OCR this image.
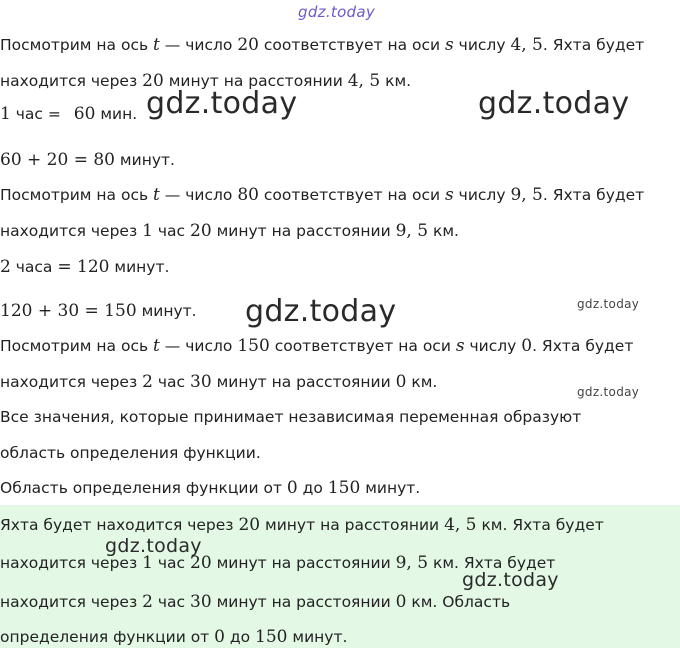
gdz.today
Посмотрим на ось t — число 20 соответствует на оси s числу 4, 5. Яхта будет
находится через 20 минут на расстоянии 4, 5 км.
1 час = 60 мин. gdz.today	gdz.today
60 + 20 = 80 минут.
Посмотрим на ось t — число 80 соответствует на оси s числу 9, 5. Яхта будет
находится через 1 час 20 минут на расстоянии 9, 5 км.
2 часа = 120 минут.
120 + 30 = 150 минут. gdz.today	gdz.today
Посмотрим на ось t — число 150 соответствует на оси s числу 0. Яхта будет
находится через 2 час 30 минут на расстоянии 0 км.
gdz.today
Все значения, которые принимает независимая переменная образуют
область определения функции.
Область определения функции от 0 до 150 минут.
Яхта будет находится через 20 минут на расстоянии 4, 5 км. Яхта будет
находится через 1 час 20 минут на расстоянии 9, 5 км. Яхта будет
находится через 2 час 30 минут на расстоянии 0 км. Область
определения функции от 0 до 150 минут.
gdz.today
gdz.today
